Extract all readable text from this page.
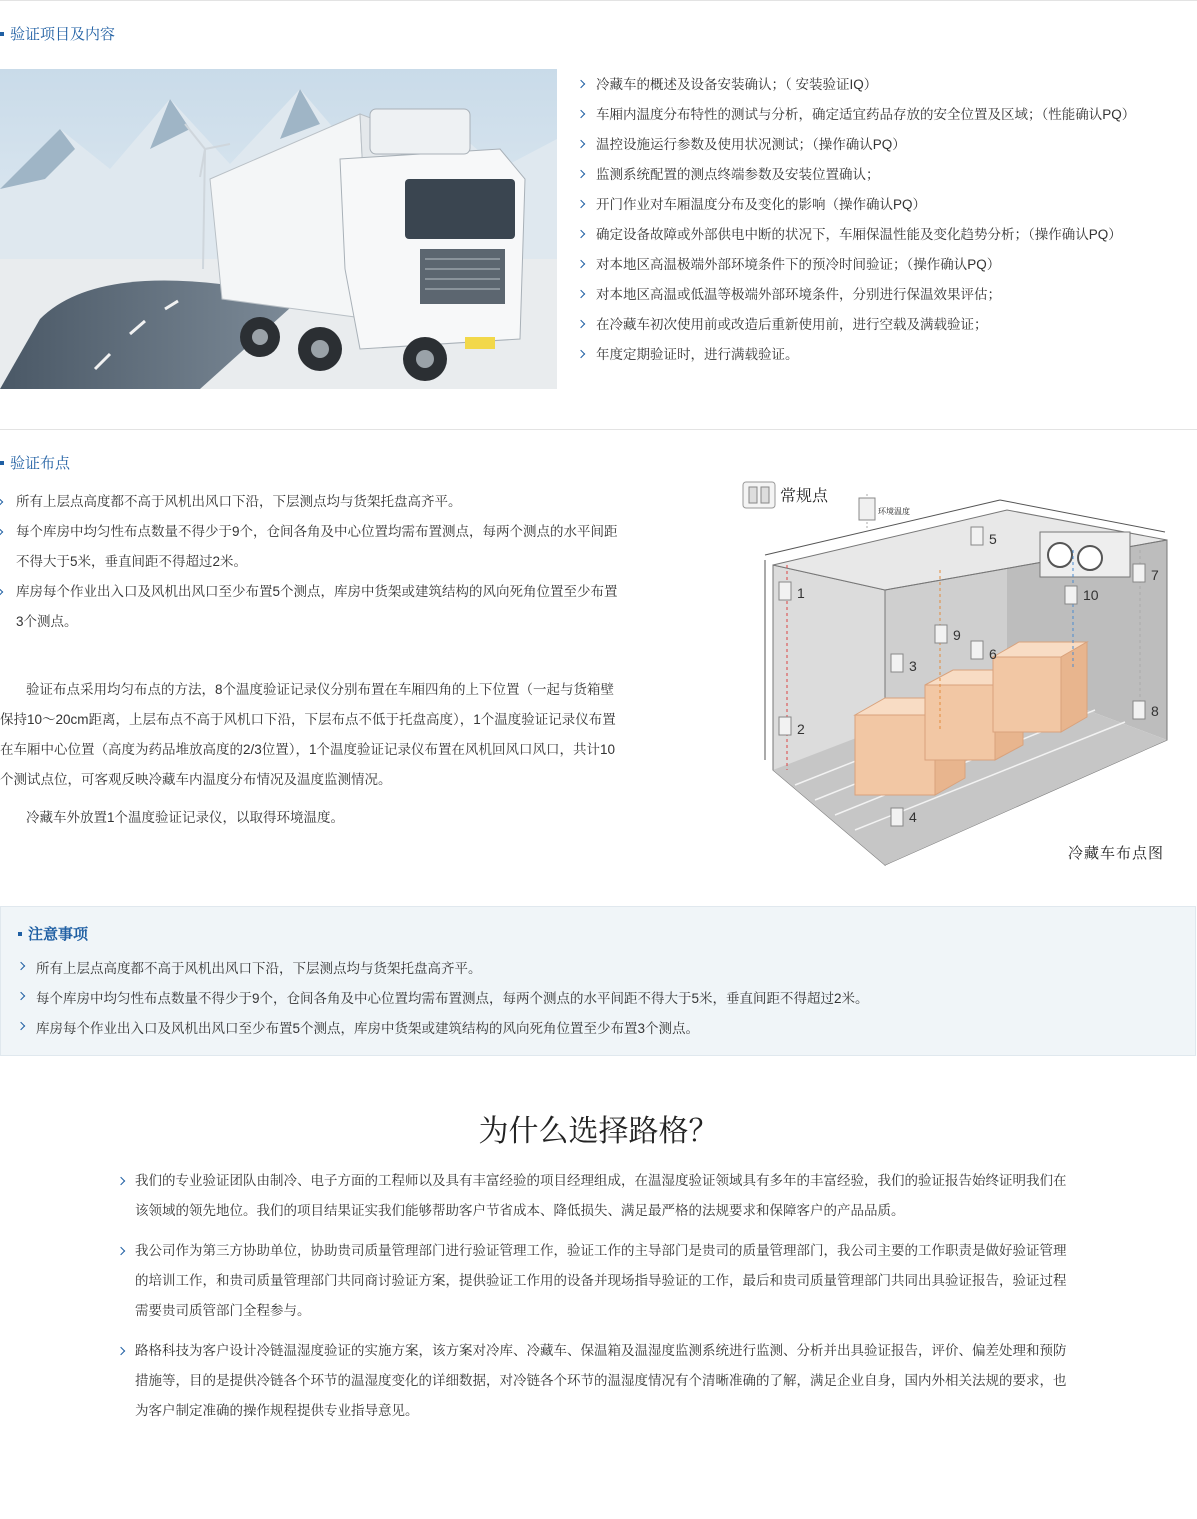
验证项目及内容
冷藏车的概述及设备安装确认；（ 安装验证IQ）
车厢内温度分布特性的测试与分析，确定适宜药品存放的安全位置及区域；（性能确认PQ）
温控设施运行参数及使用状况测试；（操作确认PQ）
监测系统配置的测点终端参数及安装位置确认；
开门作业对车厢温度分布及变化的影响（操作确认PQ）
确定设备故障或外部供电中断的状况下，车厢保温性能及变化趋势分析；（操作确认PQ）
对本地区高温极端外部环境条件下的预冷时间验证；（操作确认PQ）
对本地区高温或低温等极端外部环境条件，分别进行保温效果评估；
在冷藏车初次使用前或改造后重新使用前，进行空载及满载验证；
年度定期验证时，进行满载验证。
验证布点
所有上层点高度都不高于风机出风口下沿，下层测点均与货架托盘高齐平。
每个库房中均匀性布点数量不得少于9个，仓间各角及中心位置均需布置测点，每两个测点的水平间距不得大于5米，垂直间距不得超过2米。
库房每个作业出入口及风机出风口至少布置5个测点，库房中货架或建筑结构的风向死角位置至少布置3个测点。

验证布点采用均匀布点的方法，8个温度验证记录仪分别布置在车厢四角的上下位置（一起与货箱壁保持10～20cm距离，上层布点不高于风机口下沿，下层布点不低于托盘高度），1个温度验证记录仪布置在车厢中心位置（高度为药品堆放高度的2/3位置），1个温度验证记录仪布置在风机回风口风口，共计10个测试点位，可客观反映冷藏车内温度分布情况及温度监测情况。

冷藏车外放置1个温度验证记录仪，以取得环境温度。

常规点
环境温度
1
2
3
4
5
6
7
8
9
10
冷藏车布点图
注意事项
所有上层点高度都不高于风机出风口下沿，下层测点均与货架托盘高齐平。
每个库房中均匀性布点数量不得少于9个，仓间各角及中心位置均需布置测点，每两个测点的水平间距不得大于5米，垂直间距不得超过2米。
库房每个作业出入口及风机出风口至少布置5个测点，库房中货架或建筑结构的风向死角位置至少布置3个测点。
为什么选择路格？
我们的专业验证团队由制冷、电子方面的工程师以及具有丰富经验的项目经理组成，在温湿度验证领域具有多年的丰富经验，我们的验证报告始终证明我们在该领域的领先地位。我们的项目结果证实我们能够帮助客户节省成本、降低损失、满足最严格的法规要求和保障客户的产品品质。
我公司作为第三方协助单位，协助贵司质量管理部门进行验证管理工作，验证工作的主导部门是贵司的质量管理部门，我公司主要的工作职责是做好验证管理的培训工作，和贵司质量管理部门共同商讨验证方案，提供验证工作用的设备并现场指导验证的工作，最后和贵司质量管理部门共同出具验证报告，验证过程需要贵司质管部门全程参与。
路格科技为客户设计冷链温湿度验证的实施方案，该方案对冷库、冷藏车、保温箱及温湿度监测系统进行监测、分析并出具验证报告，评价、偏差处理和预防措施等，目的是提供冷链各个环节的温湿度变化的详细数据，对冷链各个环节的温湿度情况有个清晰准确的了解，满足企业自身，国内外相关法规的要求，也为客户制定准确的操作规程提供专业指导意见。
